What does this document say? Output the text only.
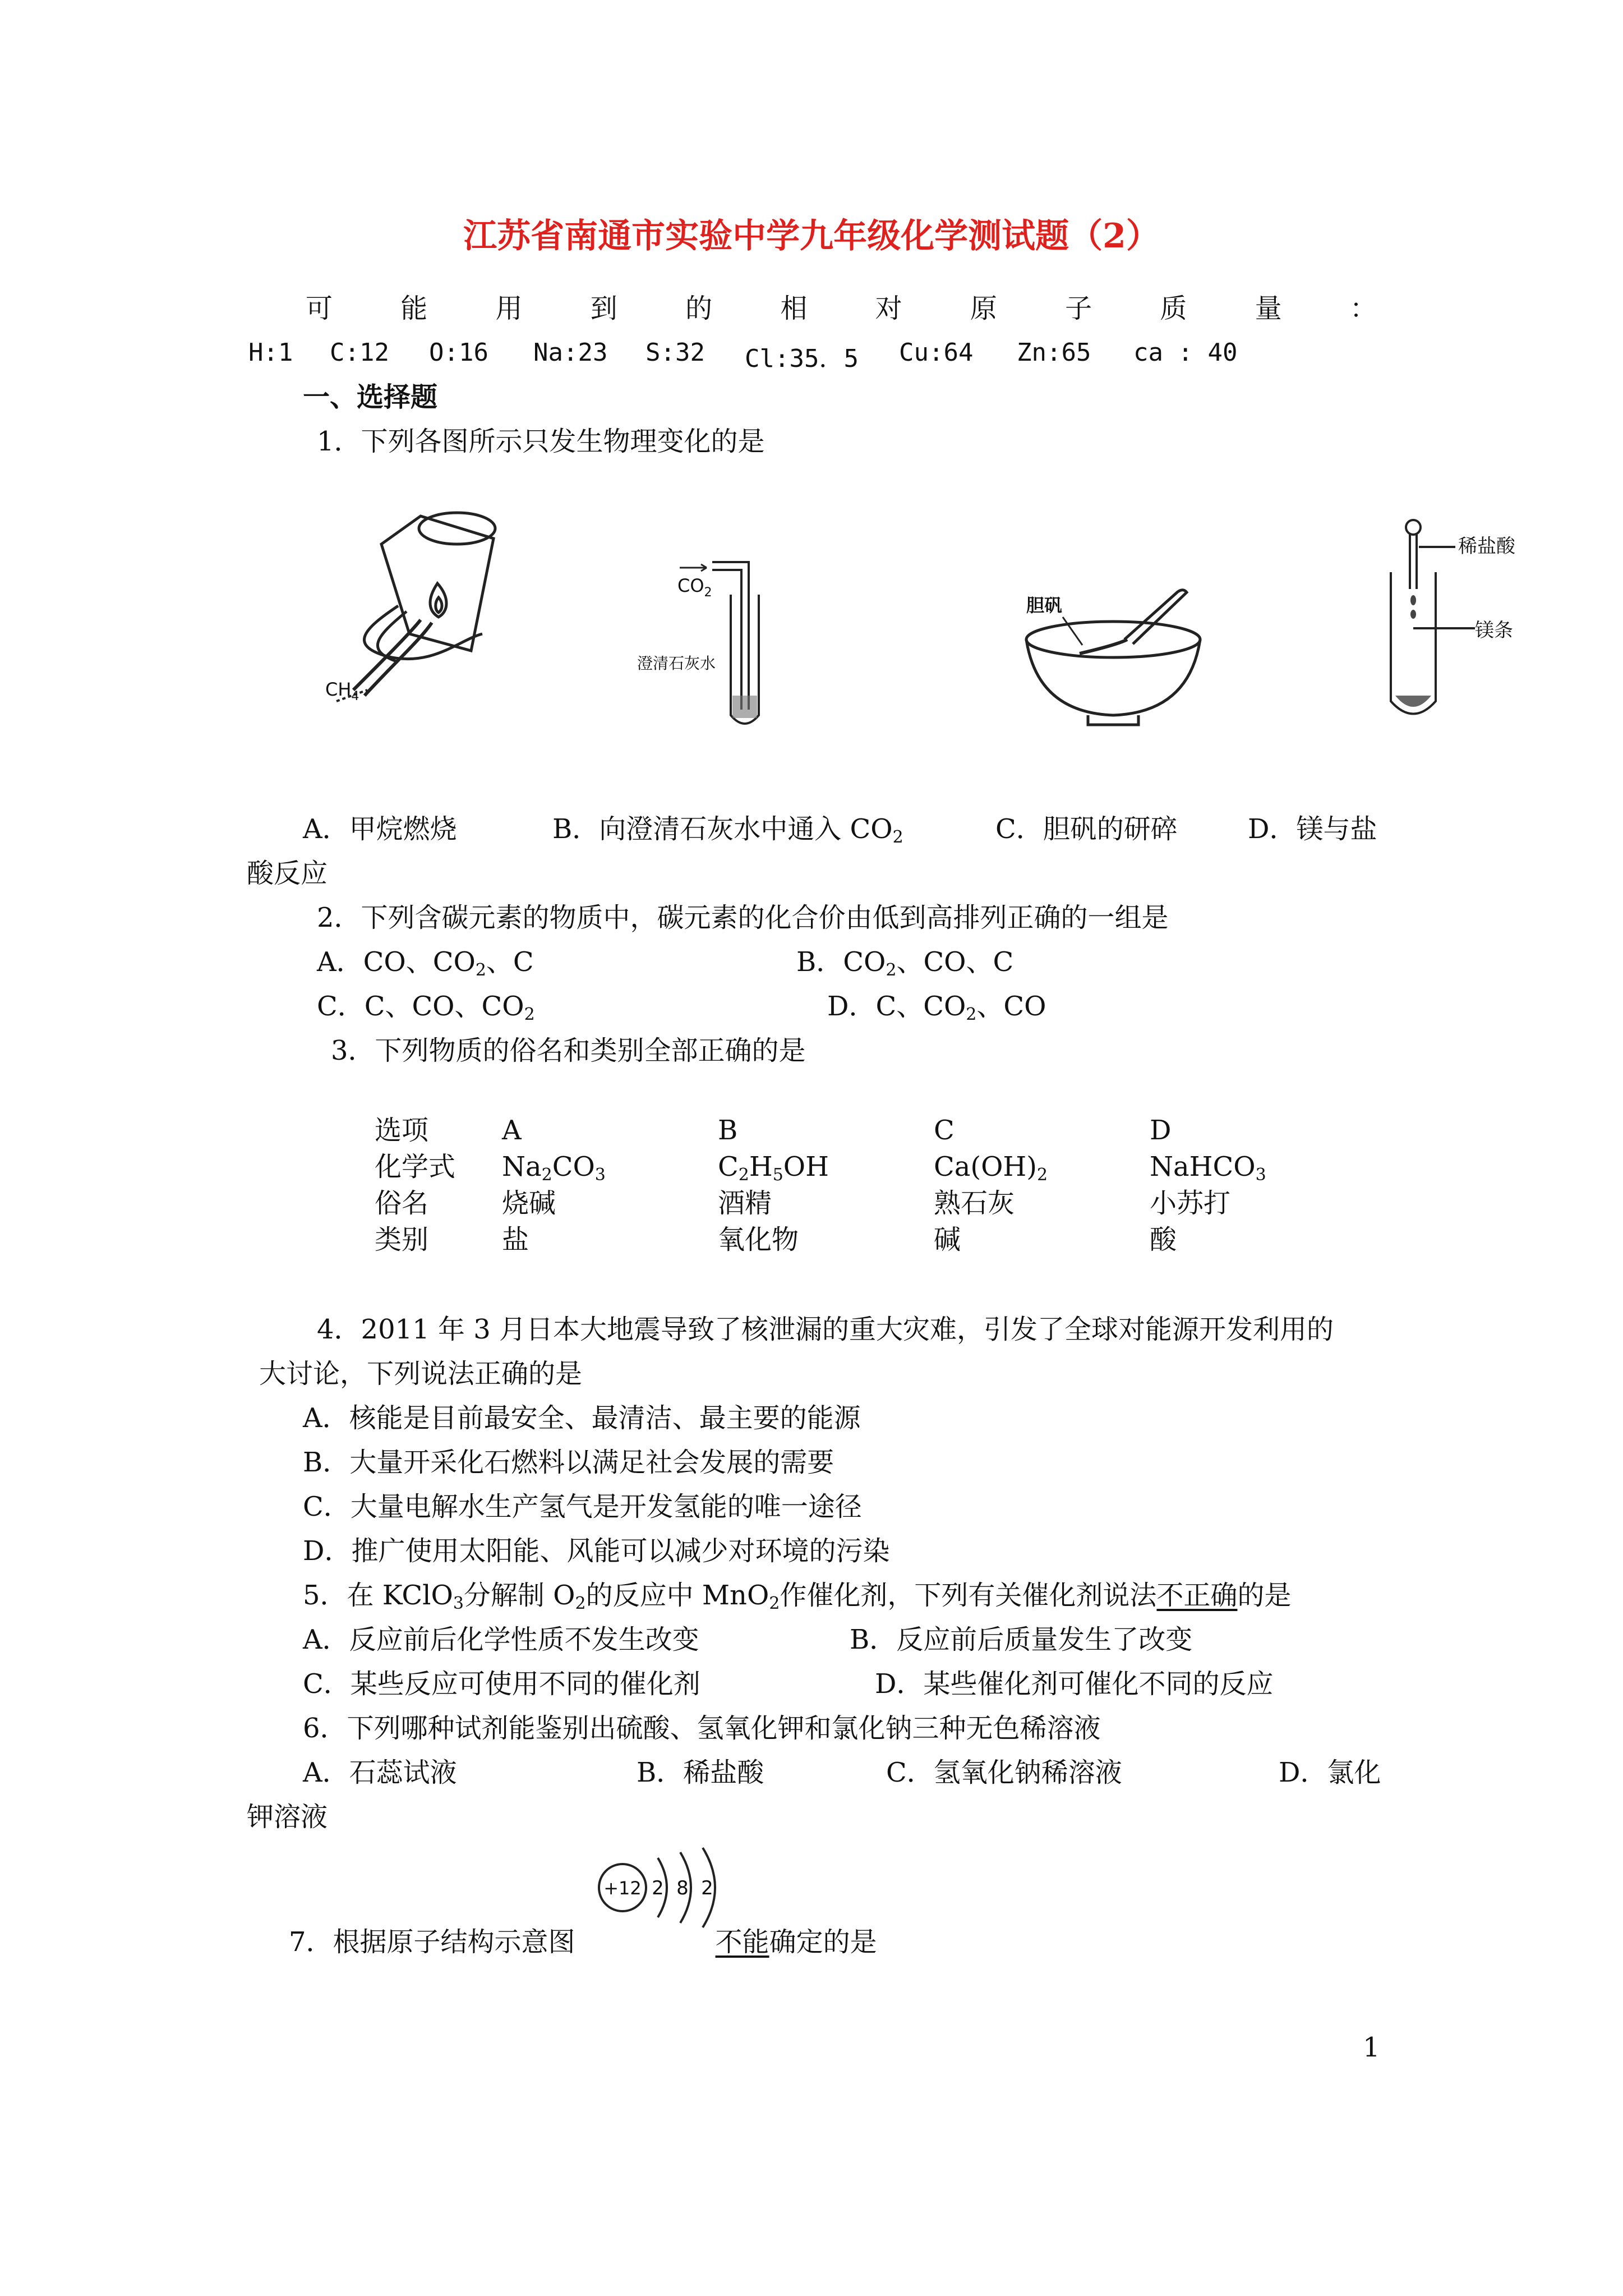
江苏省南通市实验中学九年级化学测试题（2）
可	能	用	到	的	相	对	原	子	质	量	：
H:1 C:12 O:16 Na:23 S:32 Cl:35．5 Cu:64 Zn:65 ca : 40
一、选择题
1．下列各图所示只发生物理变化的是
$CH_4$
$CO_2$
澄清石灰水
胆矾
稀盐酸
镁条
A．甲烷燃烧	B．向澄清石灰水中通入 $CO_2$	C．胆矾的研碎	D．镁与盐
酸反应
2．下列含碳元素的物质中，碳元素的化合价由低到高排列正确的一组是
A．CO、$CO_2$、C	B．$CO_2$、CO、C
C．C、CO、$CO_2$	D．C、$CO_2$、CO
3．下列物质的俗名和类别全部正确的是
选项	A	B	C	D
化学式 $Na_2CO_3$	$C_2H_5OH$	$Ca(OH)_2$	NaHCO$_3$
俗名	烧碱	酒精	熟石灰	小苏打
类别	盐	氧化物	碱	酸
4．2011 年 3 月日本大地震导致了核泄漏的重大灾难，引发了全球对能源开发利用的
大讨论，下列说法正确的是
A．核能是目前最安全、最清洁、最主要的能源
B．大量开采化石燃料以满足社会发展的需要
C．大量电解水生产氢气是开发氢能的唯一途径
D．推广使用太阳能、风能可以减少对环境的污染
5．在 KClO$_3$分解制 $O_2$的反应中 MnO$_2$作催化剂，下列有关催化剂说法不正确的是
A．反应前后化学性质不发生改变	B．反应前后质量发生了改变
C．某些反应可使用不同的催化剂	D．某些催化剂可催化不同的反应
6．下列哪种试剂能鉴别出硫酸、氢氧化钾和氯化钠三种无色稀溶液
A．石蕊试液	B．稀盐酸	C．氢氧化钠稀溶液	D．氯化
钾溶液
+12 2 8 2
7．根据原子结构示意图	不能确定的是
1
